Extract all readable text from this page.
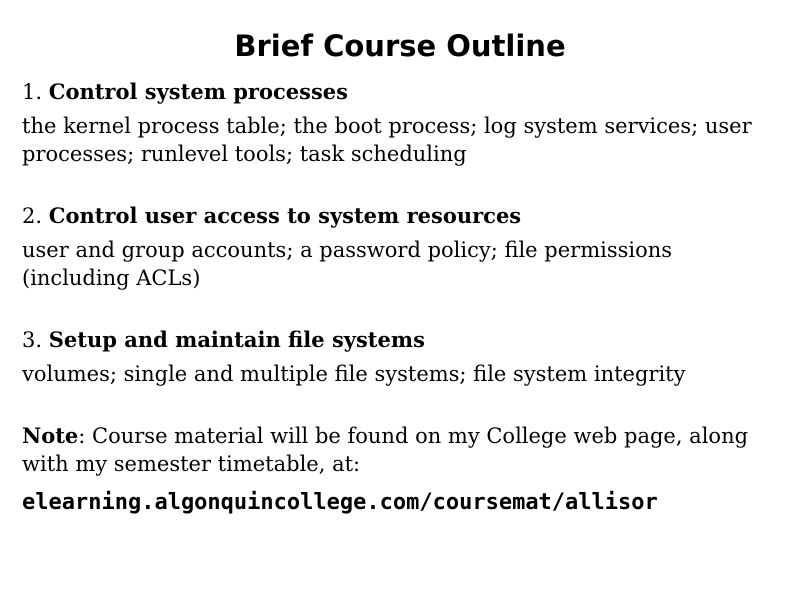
Brief Course Outline
1. Control system processes
the kernel process table; the boot process; log system services; user processes; runlevel tools; task scheduling
2. Control user access to system resources
user and group accounts; a password policy; file permissions (including ACLs)
3. Setup and maintain file systems
volumes; single and multiple file systems; file system integrity
Note: Course material will be found on my College web page, along with my semester timetable, at:
elearning.algonquincollege.com/coursemat/allisor
